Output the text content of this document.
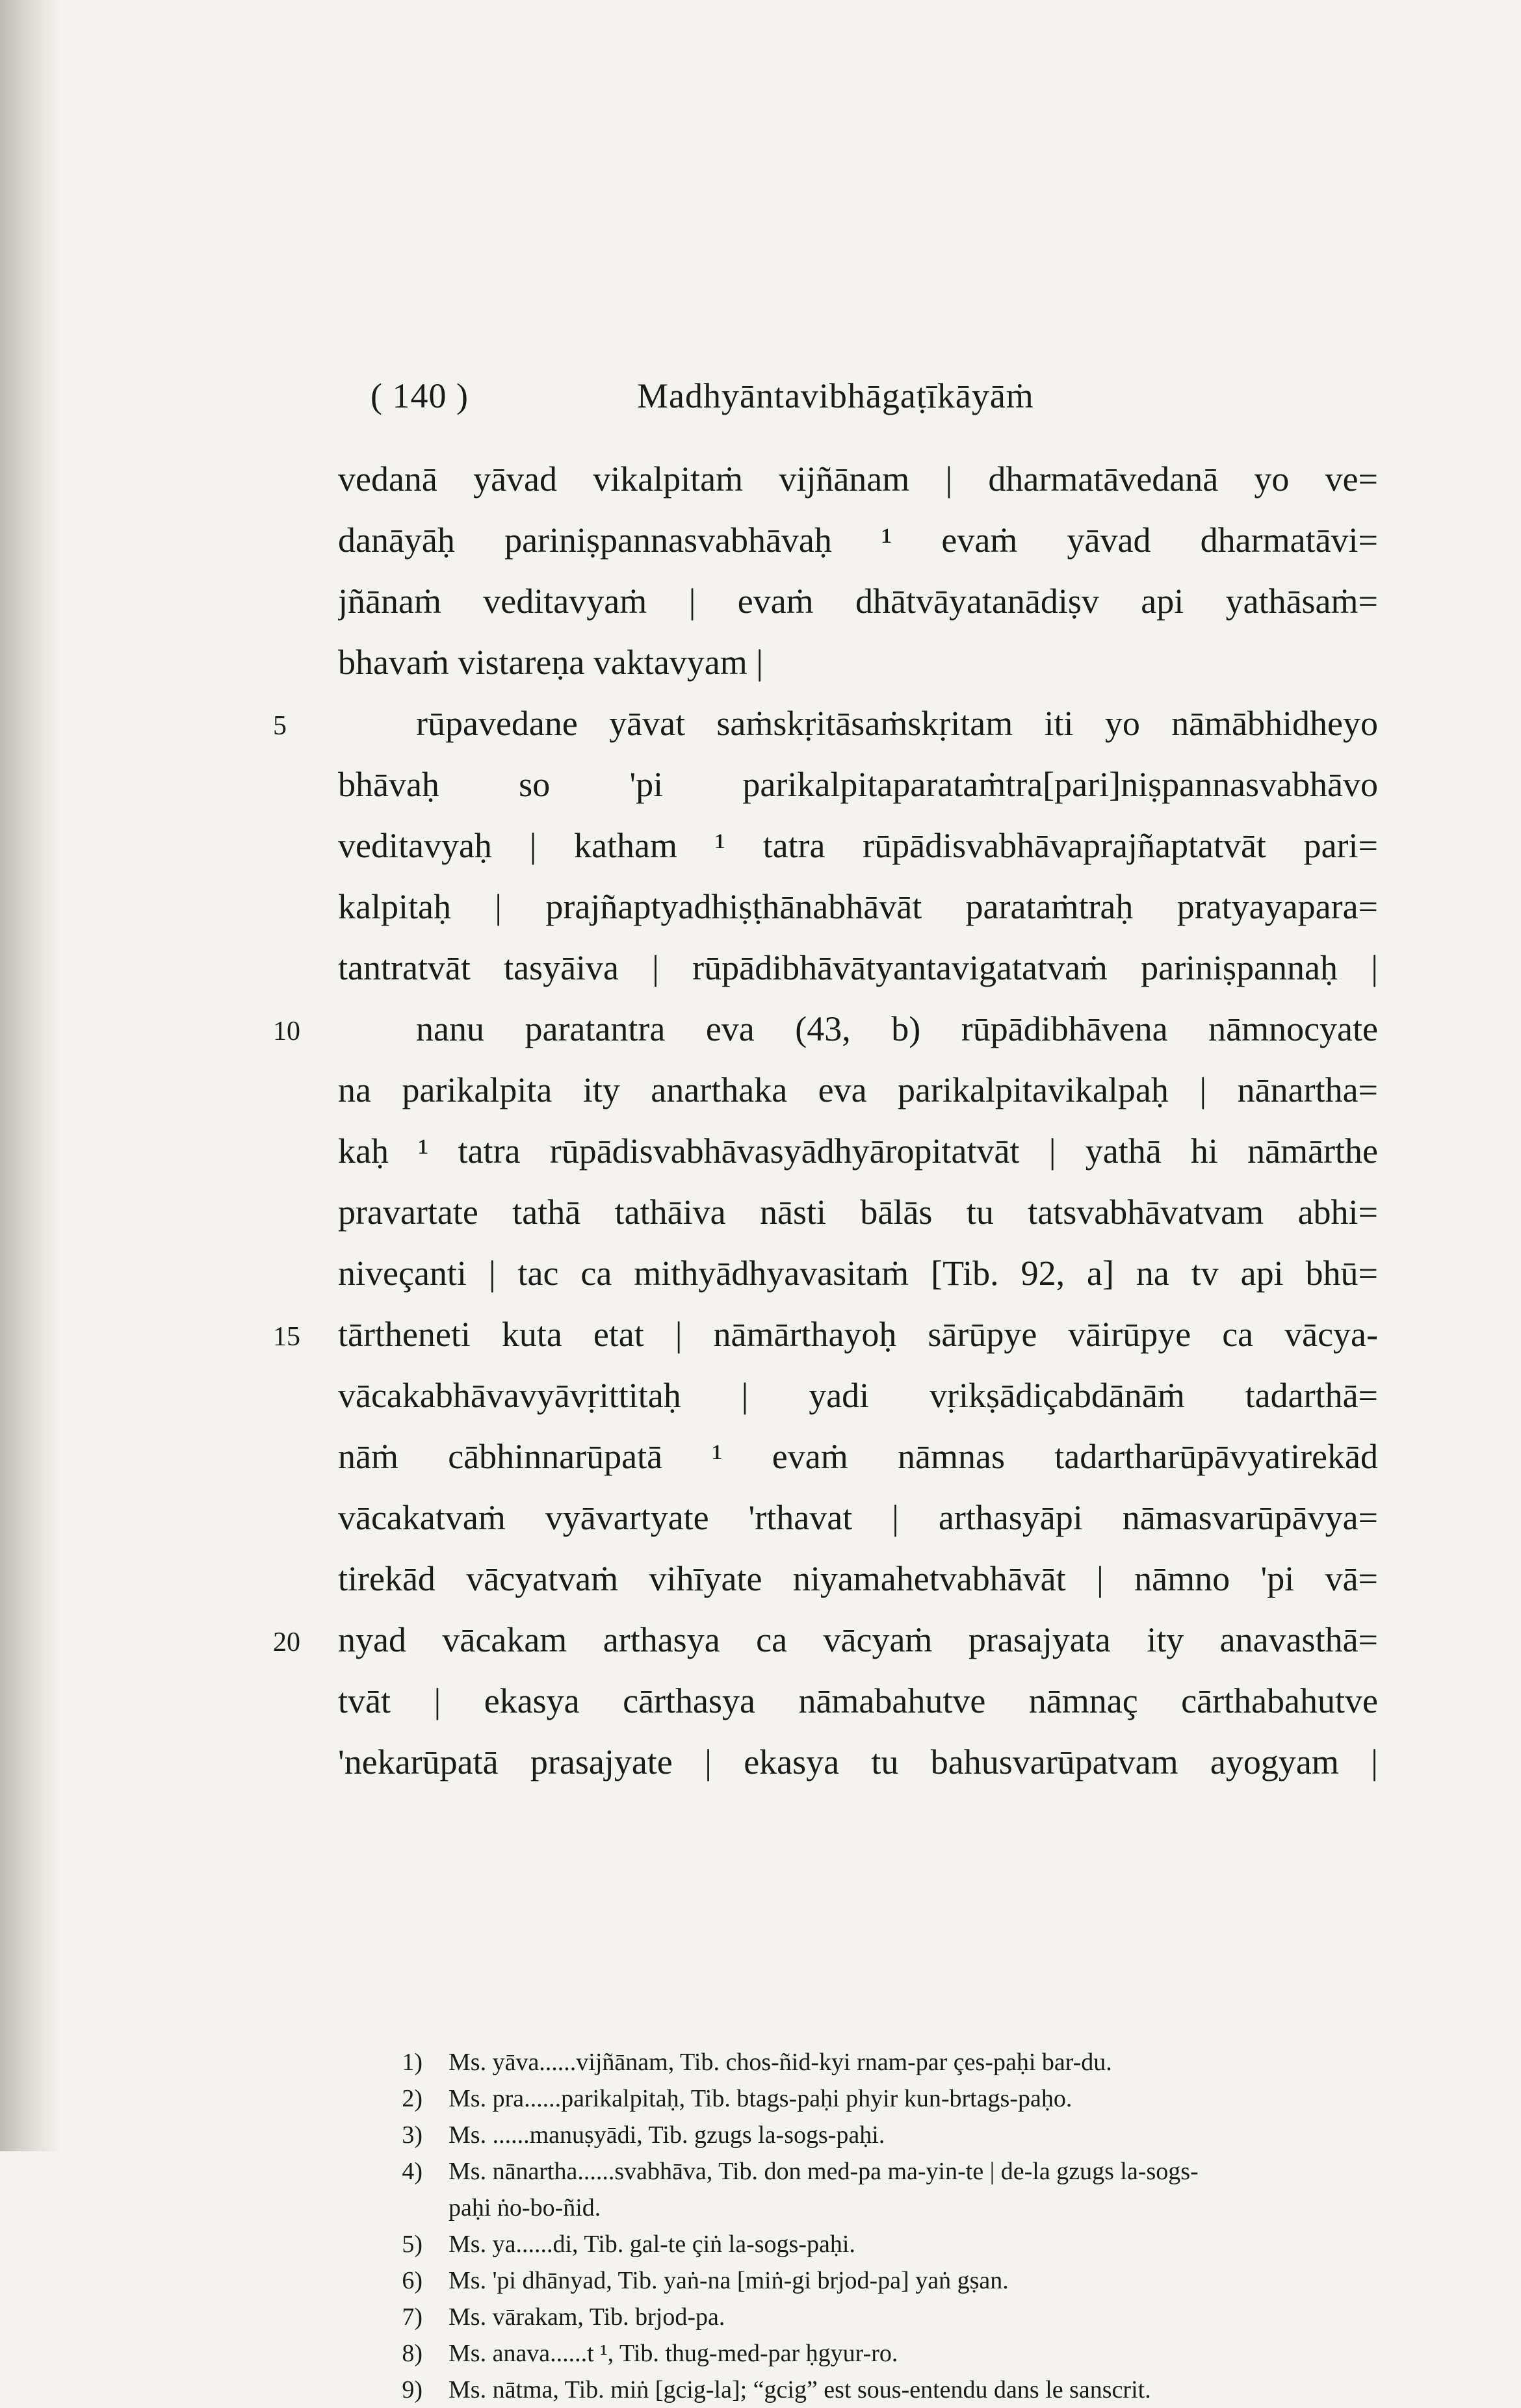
( 140 )	Madhyāntavibhāgaṭīkāyāṁ
5
10
15
20
vedanā yāvad vikalpitaṁ vijñānam | dharmatāvedanā yo ve=
danāyāḥ pariniṣpannasvabhāvaḥ ¹ evaṁ yāvad dharmatāvi=
jñānaṁ veditavyaṁ | evaṁ dhātvāyatanādiṣv api yathāsaṁ=
bhavaṁ vistareṇa vaktavyam |
rūpavedane yāvat saṁskṛitāsaṁskṛitam iti yo nāmābhidheyo
bhāvaḥ so 'pi parikalpitaparataṁtra[pari]niṣpannasvabhāvo
veditavyaḥ | katham ¹ tatra rūpādisvabhāvaprajñaptatvāt pari=
kalpitaḥ | prajñaptyadhiṣṭhānabhāvāt parataṁtraḥ pratyayapara=
tantratvāt tasyāiva | rūpādibhāvātyantavigatatvaṁ pariniṣpannaḥ |
nanu paratantra eva (43, b) rūpādibhāvena nāmnocyate
na parikalpita ity anarthaka eva parikalpitavikalpaḥ | nānartha=
kaḥ ¹ tatra rūpādisvabhāvasyādhyāropitatvāt | yathā hi nāmārthe
pravartate tathā tathāiva nāsti bālās tu tatsvabhāvatvam abhi=
niveçanti | tac ca mithyādhyavasitaṁ [Tib. 92, a] na tv api bhū=
tārtheneti kuta etat | nāmārthayoḥ sārūpye vāirūpye ca vācya-
vācakabhāvavyāvṛittitaḥ | yadi vṛikṣādiçabdānāṁ tadarthā=
nāṁ cābhinnarūpatā ¹ evaṁ nāmnas tadartharūpāvyatirekād
vācakatvaṁ vyāvartyate 'rthavat | arthasyāpi nāmasvarūpāvya=
tirekād vācyatvaṁ vihīyate niyamahetvabhāvāt | nāmno 'pi vā=
nyad vācakam arthasya ca vācyaṁ prasajyata ity anavasthā=
tvāt | ekasya cārthasya nāmabahutve nāmnaç cārthabahutve
'nekarūpatā prasajyate | ekasya tu bahusvarūpatvam ayogyam |
1) Ms. yāva......vijñānam, Tib. chos-ñid-kyi rnam-par çes-paḥi bar-du.
2) Ms. pra......parikalpitaḥ, Tib. btags-paḥi phyir kun-brtags-paḥo.
3) Ms. ......manuṣyādi, Tib. gzugs la-sogs-paḥi.
4) Ms. nānartha......svabhāva, Tib. don med-pa ma-yin-te | de-la gzugs la-sogs-
paḥi ṅo-bo-ñid.
5) Ms. ya......di, Tib. gal-te çiṅ la-sogs-paḥi.
6) Ms. 'pi dhānyad, Tib. yaṅ-na [miṅ-gi brjod-pa] yaṅ gṣan.
7) Ms. vārakam, Tib. brjod-pa.
8) Ms. anava......t ¹, Tib. thug-med-par ḥgyur-ro.
9) Ms. nātma, Tib. miṅ [gcig-la]; “gcig” est sous-entendu dans le sanscrit.
